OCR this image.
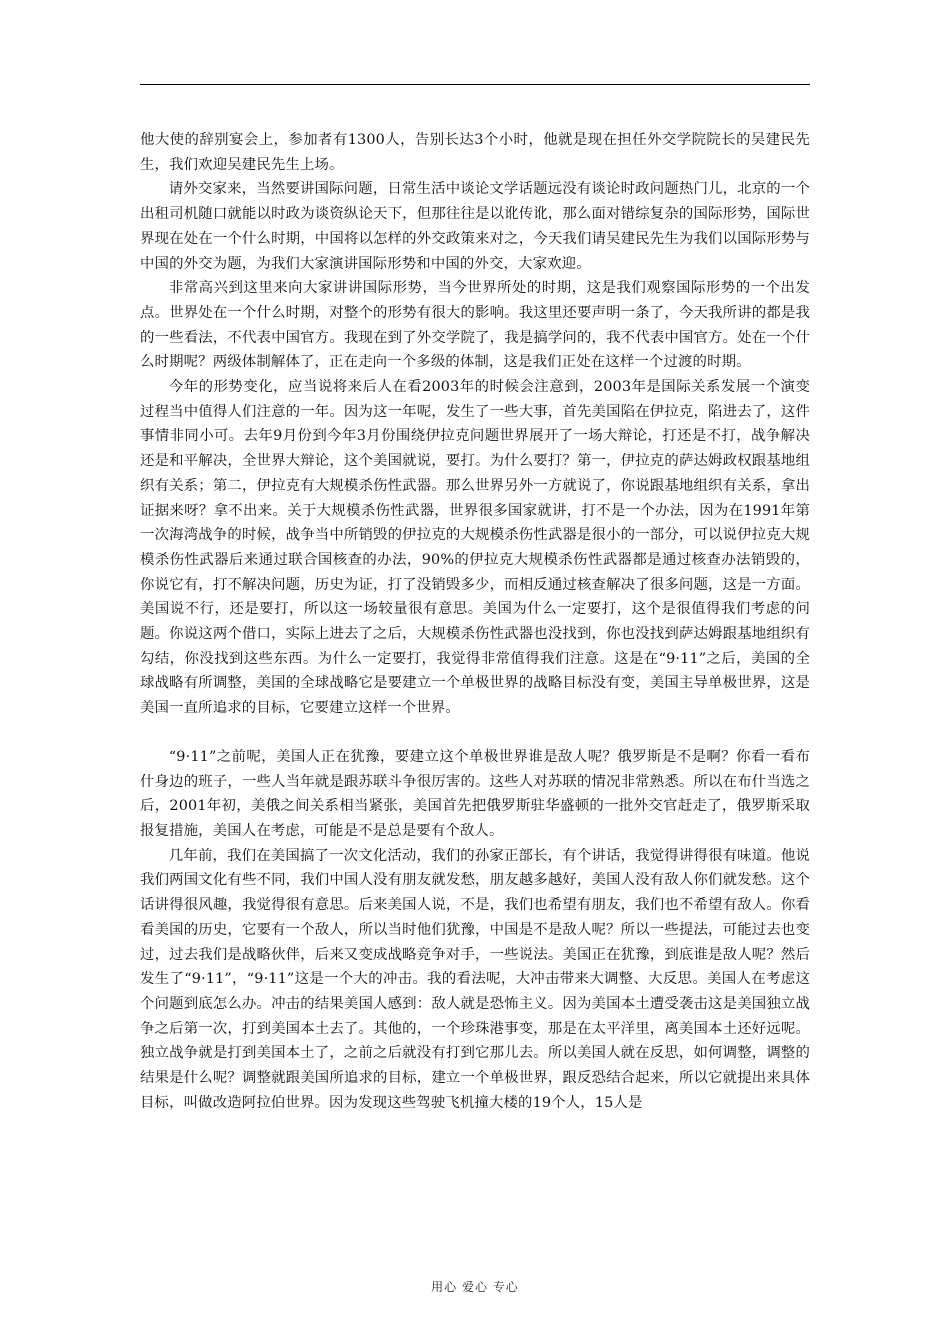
他大使的辞别宴会上，参加者有1300人，告别长达3个小时，他就是现在担任外交学院院长的吴建民先生，我们欢迎吴建民先生上场。

请外交家来，当然要讲国际问题，日常生活中谈论文学话题远没有谈论时政问题热门儿，北京的一个出租司机随口就能以时政为谈资纵论天下，但那往往是以讹传讹，那么面对错综复杂的国际形势，国际世界现在处在一个什么时期，中国将以怎样的外交政策来对之，今天我们请吴建民先生为我们以国际形势与中国的外交为题，为我们大家演讲国际形势和中国的外交，大家欢迎。

非常高兴到这里来向大家讲讲国际形势，当今世界所处的时期，这是我们观察国际形势的一个出发点。世界处在一个什么时期，对整个的形势有很大的影响。我这里还要声明一条了，今天我所讲的都是我的一些看法，不代表中国官方。我现在到了外交学院了，我是搞学问的，我不代表中国官方。处在一个什么时期呢？两级体制解体了，正在走向一个多级的体制，这是我们正处在这样一个过渡的时期。

今年的形势变化，应当说将来后人在看2003年的时候会注意到，2003年是国际关系发展一个演变过程当中值得人们注意的一年。因为这一年呢，发生了一些大事，首先美国陷在伊拉克，陷进去了，这件事情非同小可。去年9月份到今年3月份围绕伊拉克问题世界展开了一场大辩论，打还是不打，战争解决还是和平解决，全世界大辩论，这个美国就说，要打。为什么要打？第一，伊拉克的萨达姆政权跟基地组织有关系；第二，伊拉克有大规模杀伤性武器。那么世界另外一方就说了，你说跟基地组织有关系，拿出证据来呀？拿不出来。关于大规模杀伤性武器，世界很多国家就讲，打不是一个办法，因为在1991年第一次海湾战争的时候，战争当中所销毁的伊拉克的大规模杀伤性武器是很小的一部分，可以说伊拉克大规模杀伤性武器后来通过联合国核查的办法，90%的伊拉克大规模杀伤性武器都是通过核查办法销毁的，你说它有，打不解决问题，历史为证，打了没销毁多少，而相反通过核查解决了很多问题，这是一方面。美国说不行，还是要打，所以这一场较量很有意思。美国为什么一定要打，这个是很值得我们考虑的问题。你说这两个借口，实际上进去了之后，大规模杀伤性武器也没找到，你也没找到萨达姆跟基地组织有勾结，你没找到这些东西。为什么一定要打，我觉得非常值得我们注意。这是在“9·11”之后，美国的全球战略有所调整，美国的全球战略它是要建立一个单极世界的战略目标没有变，美国主导单极世界，这是美国一直所追求的目标，它要建立这样一个世界。

“9·11”之前呢，美国人正在犹豫，要建立这个单极世界谁是敌人呢？俄罗斯是不是啊？你看一看布什身边的班子，一些人当年就是跟苏联斗争很厉害的。这些人对苏联的情况非常熟悉。所以在布什当选之后，2001年初，美俄之间关系相当紧张，美国首先把俄罗斯驻华盛顿的一批外交官赶走了，俄罗斯采取报复措施，美国人在考虑，可能是不是总是要有个敌人。

几年前，我们在美国搞了一次文化活动，我们的孙家正部长，有个讲话，我觉得讲得很有味道。他说我们两国文化有些不同，我们中国人没有朋友就发愁，朋友越多越好，美国人没有敌人你们就发愁。这个话讲得很风趣，我觉得很有意思。后来美国人说，不是，我们也希望有朋友，我们也不希望有敌人。你看看美国的历史，它要有一个敌人，所以当时他们犹豫，中国是不是敌人呢？所以一些提法，可能过去也变过，过去我们是战略伙伴，后来又变成战略竞争对手，一些说法。美国正在犹豫，到底谁是敌人呢？然后发生了“9·11”，“9·11”这是一个大的冲击。我的看法呢，大冲击带来大调整、大反思。美国人在考虑这个问题到底怎么办。冲击的结果美国人感到：敌人就是恐怖主义。因为美国本土遭受袭击这是美国独立战争之后第一次，打到美国本土去了。其他的，一个珍珠港事变，那是在太平洋里，离美国本土还好远呢。独立战争就是打到美国本土了，之前之后就没有打到它那儿去。所以美国人就在反思，如何调整，调整的结果是什么呢？调整就跟美国所追求的目标，建立一个单极世界，跟反恐结合起来，所以它就提出来具体目标，叫做改造阿拉伯世界。因为发现这些驾驶飞机撞大楼的19个人，15人是

用心 爱心 专心
